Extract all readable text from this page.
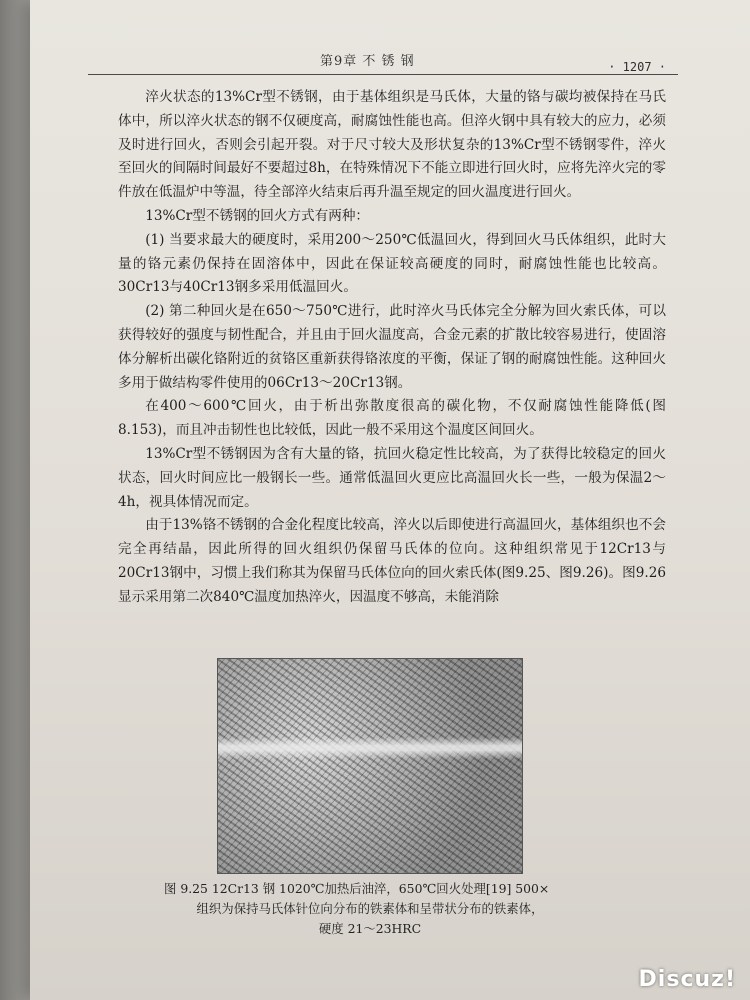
第9章 不 锈 钢	· 1207 ·

淬火状态的13%Cr型不锈钢，由于基体组织是马氏体，大量的铬与碳均被保持在马氏体中，所以淬火状态的钢不仅硬度高，耐腐蚀性能也高。但淬火钢中具有较大的应力，必须及时进行回火，否则会引起开裂。对于尺寸较大及形状复杂的13%Cr型不锈钢零件，淬火至回火的间隔时间最好不要超过8h，在特殊情况下不能立即进行回火时，应将先淬火完的零件放在低温炉中等温，待全部淬火结束后再升温至规定的回火温度进行回火。

13%Cr型不锈钢的回火方式有两种：

(1) 当要求最大的硬度时，采用200～250℃低温回火，得到回火马氏体组织，此时大量的铬元素仍保持在固溶体中，因此在保证较高硬度的同时，耐腐蚀性能也比较高。30Cr13与40Cr13钢多采用低温回火。

(2) 第二种回火是在650～750℃进行，此时淬火马氏体完全分解为回火索氏体，可以获得较好的强度与韧性配合，并且由于回火温度高，合金元素的扩散比较容易进行，使固溶体分解析出碳化铬附近的贫铬区重新获得铬浓度的平衡，保证了钢的耐腐蚀性能。这种回火多用于做结构零件使用的06Cr13～20Cr13钢。

在400～600℃回火，由于析出弥散度很高的碳化物，不仅耐腐蚀性能降低(图8.153)，而且冲击韧性也比较低，因此一般不采用这个温度区间回火。

13%Cr型不锈钢因为含有大量的铬，抗回火稳定性比较高，为了获得比较稳定的回火状态，回火时间应比一般钢长一些。通常低温回火更应比高温回火长一些，一般为保温2～4h，视具体情况而定。

由于13%铬不锈钢的合金化程度比较高，淬火以后即使进行高温回火，基体组织也不会完全再结晶，因此所得的回火组织仍保留马氏体的位向。这种组织常见于12Cr13与20Cr13钢中，习惯上我们称其为保留马氏体位向的回火索氏体(图9.25、图9.26)。图9.26显示采用第二次840℃温度加热淬火，因温度不够高，未能消除

图 9.25 12Cr13 钢 1020℃加热后油淬，650℃回火处理[19] 500×
组织为保持马氏体针位向分布的铁素体和呈带状分布的铁素体，
硬度 21～23HRC
Discuz!
